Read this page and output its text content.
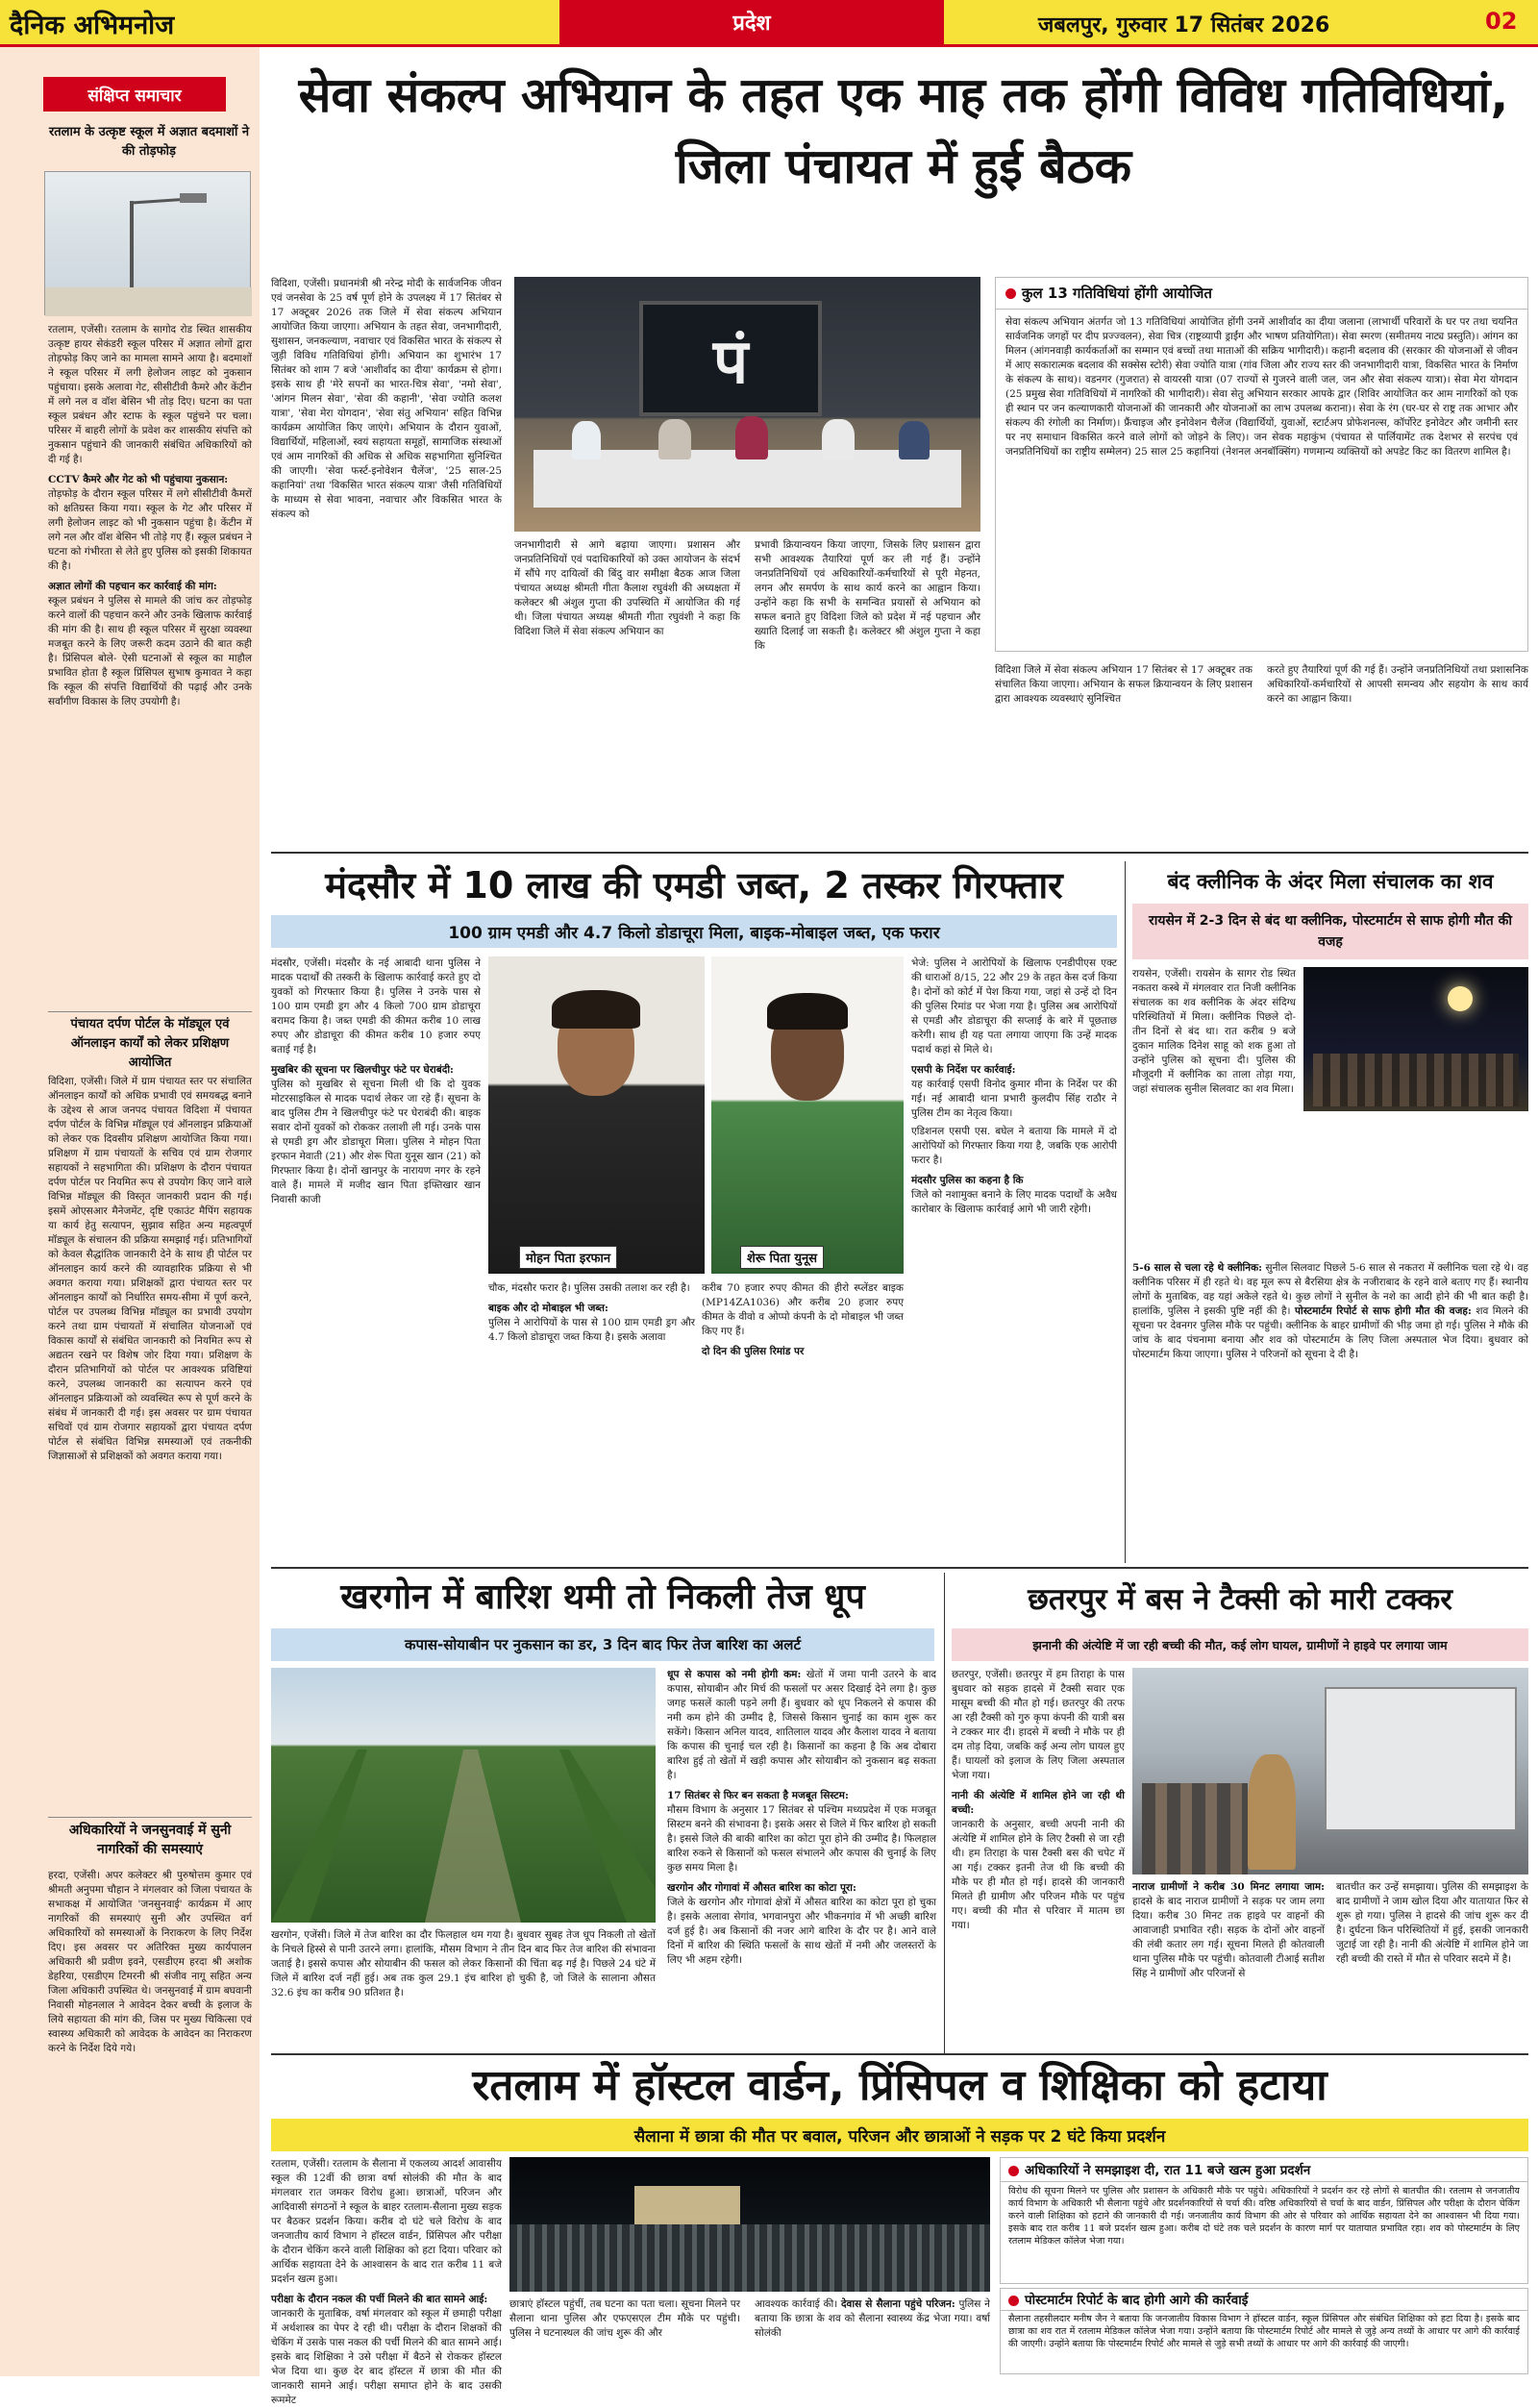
दैनिक अभिमनोज	प्रदेश	जबलपुर, गुरुवार 17 सितंबर 2026	02
संक्षिप्त समाचार
रतलाम के उत्कृष्ट स्कूल में अज्ञात बदमाशों ने की तोड़फोड़
रतलाम, एजेंसी। रतलाम के सागोद रोड स्थित शासकीय उत्कृष्ट हायर सेकंडरी स्कूल परिसर में अज्ञात लोगों द्वारा तोड़फोड़ किए जाने का मामला सामने आया है। बदमाशों ने स्कूल परिसर में लगी हेलोजन लाइट को नुकसान पहुंचाया। इसके अलावा गेट, सीसीटीवी कैमरे और केंटीन में लगे नल व वॉश बेसिन भी तोड़ दिए। घटना का पता स्कूल प्रबंधन और स्टाफ के स्कूल पहुंचने पर चला। परिसर में बाहरी लोगों के प्रवेश कर शासकीय संपत्ति को नुकसान पहुंचाने की जानकारी संबंधित अधिकारियों को दी गई है।
CCTV कैमरे और गेट को भी पहुंचाया नुकसान:
तोड़फोड़ के दौरान स्कूल परिसर में लगे सीसीटीवी कैमरों को क्षतिग्रस्त किया गया। स्कूल के गेट और परिसर में लगी हेलोजन लाइट को भी नुकसान पहुंचा है। केंटीन में लगे नल और वॉश बेसिन भी तोड़े गए हैं। स्कूल प्रबंधन ने घटना को गंभीरता से लेते हुए पुलिस को इसकी शिकायत की है।
अज्ञात लोगों की पहचान कर कार्रवाई की मांग:
स्कूल प्रबंधन ने पुलिस से मामले की जांच कर तोड़फोड़ करने वालों की पहचान करने और उनके खिलाफ कार्रवाई की मांग की है। साथ ही स्कूल परिसर में सुरक्षा व्यवस्था मजबूत करने के लिए जरूरी कदम उठाने की बात कही है। प्रिंसिपल बोले- ऐसी घटनाओं से स्कूल का माहौल प्रभावित होता है स्कूल प्रिंसिपल सुभाष कुमावत ने कहा कि स्कूल की संपत्ति विद्यार्थियों की पढ़ाई और उनके सर्वांगीण विकास के लिए उपयोगी है।
पंचायत दर्पण पोर्टल के मॉड्यूल एवं ऑनलाइन कार्यों को लेकर प्रशिक्षण आयोजित
विदिशा, एजेंसी। जिले में ग्राम पंचायत स्तर पर संचालित ऑनलाइन कार्यों को अधिक प्रभावी एवं समयबद्ध बनाने के उद्देश्य से आज जनपद पंचायत विदिशा में पंचायत दर्पण पोर्टल के विभिन्न मॉड्यूल एवं ऑनलाइन प्रक्रियाओं को लेकर एक दिवसीय प्रशिक्षण आयोजित किया गया। प्रशिक्षण में ग्राम पंचायतों के सचिव एवं ग्राम रोजगार सहायकों ने सहभागिता की। प्रशिक्षण के दौरान पंचायत दर्पण पोर्टल पर नियमित रूप से उपयोग किए जाने वाले विभिन्न मॉड्यूल की विस्तृत जानकारी प्रदान की गई। इसमें ओएसआर मैनेजमेंट, दृष्टि एकाउंट मैपिंग सहायक या कार्य हेतु सत्यापन, सुझाव सहित अन्य महत्वपूर्ण मॉड्यूल के संचालन की प्रक्रिया समझाई गई। प्रतिभागियों को केवल सैद्धांतिक जानकारी देने के साथ ही पोर्टल पर ऑनलाइन कार्य करने की व्यावहारिक प्रक्रिया से भी अवगत कराया गया। प्रशिक्षकों द्वारा पंचायत स्तर पर ऑनलाइन कार्यों को निर्धारित समय-सीमा में पूर्ण करने, पोर्टल पर उपलब्ध विभिन्न मॉड्यूल का प्रभावी उपयोग करने तथा ग्राम पंचायतों में संचालित योजनाओं एवं विकास कार्यों से संबंधित जानकारी को नियमित रूप से अद्यतन रखने पर विशेष जोर दिया गया। प्रशिक्षण के दौरान प्रतिभागियों को पोर्टल पर आवश्यक प्रविष्टियां करने, उपलब्ध जानकारी का सत्यापन करने एवं ऑनलाइन प्रक्रियाओं को व्यवस्थित रूप से पूर्ण करने के संबंध में जानकारी दी गई। इस अवसर पर ग्राम पंचायत सचिवों एवं ग्राम रोजगार सहायकों द्वारा पंचायत दर्पण पोर्टल से संबंधित विभिन्न समस्याओं एवं तकनीकी जिज्ञासाओं से प्रशिक्षकों को अवगत कराया गया।
अधिकारियों ने जनसुनवाई में सुनी नागरिकों की समस्याएं
हरदा, एजेंसी। अपर कलेक्टर श्री पुरुषोत्तम कुमार एवं श्रीमती अनुपमा चौहान ने मंगलवार को जिला पंचायत के सभाकक्ष में आयोजित 'जनसुनवाई' कार्यक्रम में आए नागरिकों की समस्याएं सुनी और उपस्थित वर्ग अधिकारियों को समस्याओं के निराकरण के लिए निर्देश दिए। इस अवसर पर अतिरिक्त मुख्य कार्यपालन अधिकारी श्री प्रवीण इवने, एसडीएम हरदा श्री अशोक डेहरिया, एसडीएम टिमरनी श्री संजीव नागू सहित अन्य जिला अधिकारी उपस्थित थे। जनसुनवाई में ग्राम बघवानी निवासी मोहनलाल ने आवेदन देकर बच्ची के इलाज के लिये सहायता की मांग की, जिस पर मुख्य चिकित्सा एवं स्वास्थ्य अधिकारी को आवेदक के आवेदन का निराकरण करने के निर्देश दिये गये।
सेवा संकल्प अभियान के तहत एक माह तक होंगी विविध गतिविधियां, जिला पंचायत में हुई बैठक
विदिशा, एजेंसी। प्रधानमंत्री श्री नरेन्द्र मोदी के सार्वजनिक जीवन एवं जनसेवा के 25 वर्ष पूर्ण होने के उपलक्ष्य में 17 सितंबर से 17 अक्टूबर 2026 तक जिले में सेवा संकल्प अभियान आयोजित किया जाएगा। अभियान के तहत सेवा, जनभागीदारी, सुशासन, जनकल्याण, नवाचार एवं विकसित भारत के संकल्प से जुड़ी विविध गतिविधियां होंगी। अभियान का शुभारंभ 17 सितंबर को शाम 7 बजे 'आशीर्वाद का दीया' कार्यक्रम से होगा। इसके साथ ही 'मेरे सपनों का भारत-चित्र सेवा', 'नमो सेवा', 'आंगन मिलन सेवा', 'सेवा की कहानी', 'सेवा ज्योति कलश यात्रा', 'सेवा मेरा योगदान', 'सेवा संतु अभियान' सहित विभिन्न कार्यक्रम आयोजित किए जाएंगे। अभियान के दौरान युवाओं, विद्यार्थियों, महिलाओं, स्वयं सहायता समूहों, सामाजिक संस्थाओं एवं आम नागरिकों की अधिक से अधिक सहभागिता सुनिश्चित की जाएगी। 'सेवा फर्स्ट-इनोवेशन चैलेंज', '25 साल-25 कहानियां' तथा 'विकसित भारत संकल्प यात्रा' जैसी गतिविधियों के माध्यम से सेवा भावना, नवाचार और विकसित भारत के संकल्प को
पं
जनभागीदारी से आगे बढ़ाया जाएगा। प्रशासन और जनप्रतिनिधियों एवं पदाधिकारियों को उक्त आयोजन के संदर्भ में सौंपे गए दायित्वों की बिंदु वार समीक्षा बैठक आज जिला पंचायत अध्यक्ष श्रीमती गीता कैलाश रघुवंशी की अध्यक्षता में कलेक्टर श्री अंशुल गुप्ता की उपस्थिति में आयोजित की गई थी। जिला पंचायत अध्यक्ष श्रीमती गीता रघुवंशी ने कहा कि विदिशा जिले में सेवा संकल्प अभियान का
प्रभावी क्रियान्वयन किया जाएगा, जिसके लिए प्रशासन द्वारा सभी आवश्यक तैयारियां पूर्ण कर ली गई हैं। उन्होंने जनप्रतिनिधियों एवं अधिकारियों-कर्मचारियों से पूरी मेहनत, लगन और समर्पण के साथ कार्य करने का आह्वान किया। उन्होंने कहा कि सभी के समन्वित प्रयासों से अभियान को सफल बनाते हुए विदिशा जिले को प्रदेश में नई पहचान और ख्याति दिलाई जा सकती है। कलेक्टर श्री अंशुल गुप्ता ने कहा कि
कुल 13 गतिविधियां होंगी आयोजित
सेवा संकल्प अभियान अंतर्गत जो 13 गतिविधियां आयोजित होंगी उनमें आशीर्वाद का दीया जलाना (लाभार्थी परिवारों के घर पर तथा चयनित सार्वजनिक जगहों पर दीप प्रज्ज्वलन), सेवा चित्र (राष्ट्रव्यापी ड्राईंग और भाषण प्रतियोगिता)। सेवा स्मरण (समीतमय नाट्य प्रस्तुति)। आंगन का मिलन (आंगनवाड़ी कार्यकर्ताओं का सम्मान एवं बच्चों तथा माताओं की सक्रिय भागीदारी)। कहानी बदलाव की (सरकार की योजनाओं से जीवन में आए सकारात्मक बदलाव की सक्सेस स्टोरी) सेवा ज्योति यात्रा (गांव जिला और राज्य स्तर की जनभागीदारी यात्रा, विकसित भारत के निर्माण के संकल्प के साथ)। वडनगर (गुजरात) से वायरसी यात्रा (07 राज्यों से गुजरने वाली जल, जन और सेवा संकल्प यात्रा)। सेवा मेरा योगदान (25 प्रमुख सेवा गतिविधियों में नागरिकों की भागीदारी)। सेवा सेतु अभियान सरकार आपके द्वार (शिविर आयोजित कर आम नागरिकों को एक ही स्थान पर जन कल्याणकारी योजनाओं की जानकारी और योजनाओं का लाभ उपलब्ध कराना)। सेवा के रंग (घर-घर से राष्ट्र तक आभार और संकल्प की रंगोली का निर्माण)। फ्रैंचाइज और इनोवेशन चैलेंज (विद्यार्थियों, युवाओं, स्टार्टअप प्रोफेशनल्स, कॉर्पोरेट इनोवेटर और जमीनी स्तर पर नए समाधान विकसित करने वाले लोगों को जोड़ने के लिए)। जन सेवक महाकुंभ (पंचायत से पार्लियामेंट तक देशभर से सरपंच एवं जनप्रतिनिधियों का राष्ट्रीय सम्मेलन) 25 साल 25 कहानियां (नेशनल अनबॉक्सिंग) गणमान्य व्यक्तियों को अपडेट किट का वितरण शामिल है।
विदिशा जिले में सेवा संकल्प अभियान 17 सितंबर से 17 अक्टूबर तक संचालित किया जाएगा। अभियान के सफल क्रियान्वयन के लिए प्रशासन द्वारा आवश्यक व्यवस्थाएं सुनिश्चित
करते हुए तैयारियां पूर्ण की गई हैं। उन्होंने जनप्रतिनिधियों तथा प्रशासनिक अधिकारियों-कर्मचारियों से आपसी समन्वय और सहयोग के साथ कार्य करने का आह्वान किया।
मंदसौर में 10 लाख की एमडी जब्त, 2 तस्कर गिरफ्तार
100 ग्राम एमडी और 4.7 किलो डोडाचूरा मिला, बाइक-मोबाइल जब्त, एक फरार
मंदसौर, एजेंसी। मंदसौर के नई आबादी थाना पुलिस ने मादक पदार्थों की तस्करी के खिलाफ कार्रवाई करते हुए दो युवकों को गिरफ्तार किया है। पुलिस ने उनके पास से 100 ग्राम एमडी ड्रग और 4 किलो 700 ग्राम डोडाचूरा बरामद किया है। जब्त एमडी की कीमत करीब 10 लाख रुपए और डोडाचूरा की कीमत करीब 10 हजार रुपए बताई गई है।
मुखबिर की सूचना पर खिलचीपुर फंटे पर घेराबंदी:
पुलिस को मुखबिर से सूचना मिली थी कि दो युवक मोटरसाइकिल से मादक पदार्थ लेकर जा रहे हैं। सूचना के बाद पुलिस टीम ने खिलचीपुर फंटे पर घेराबंदी की। बाइक सवार दोनों युवकों को रोककर तलाशी ली गई। उनके पास से एमडी ड्रग और डोडाचूरा मिला। पुलिस ने मोहन पिता इरफान मेवाती (21) और शेरू पिता युनूस खान (21) को गिरफ्तार किया है। दोनों खानपुर के नारायण नगर के रहने वाले हैं। मामले में मजीद खान पिता इफ्तिखार खान निवासी काजी
मोहन पिता इरफान	शेरू पिता युनूस
चौक, मंदसौर फरार है। पुलिस उसकी तलाश कर रही है।
बाइक और दो मोबाइल भी जब्त:
पुलिस ने आरोपियों के पास से 100 ग्राम एमडी ड्रग और 4.7 किलो डोडाचूरा जब्त किया है। इसके अलावा
करीब 70 हजार रुपए कीमत की हीरो स्प्लेंडर बाइक (MP14ZA1036) और करीब 20 हजार रुपए कीमत के वीवो व ओप्पो कंपनी के दो मोबाइल भी जब्त किए गए हैं।
दो दिन की पुलिस रिमांड पर
भेजे: पुलिस ने आरोपियों के खिलाफ एनडीपीएस एक्ट की धाराओं 8/15, 22 और 29 के तहत केस दर्ज किया है। दोनों को कोर्ट में पेश किया गया, जहां से उन्हें दो दिन की पुलिस रिमांड पर भेजा गया है। पुलिस अब आरोपियों से एमडी और डोडाचूरा की सप्लाई के बारे में पूछताछ करेगी। साथ ही यह पता लगाया जाएगा कि उन्हें मादक पदार्थ कहां से मिले थे।
एसपी के निर्देश पर कार्रवाई:
यह कार्रवाई एसपी विनोद कुमार मीना के निर्देश पर की गई। नई आबादी थाना प्रभारी कुलदीप सिंह राठौर ने पुलिस टीम का नेतृत्व किया।
एडिशनल एसपी एस. बघेल ने बताया कि मामले में दो आरोपियों को गिरफ्तार किया गया है, जबकि एक आरोपी फरार है।
मंदसौर पुलिस का कहना है कि
जिले को नशामुक्त बनाने के लिए मादक पदार्थों के अवैध कारोबार के खिलाफ कार्रवाई आगे भी जारी रहेगी।
बंद क्लीनिक के अंदर मिला संचालक का शव
रायसेन में 2-3 दिन से बंद था क्लीनिक, पोस्टमार्टम से साफ होगी मौत की वजह
रायसेन, एजेंसी। रायसेन के सागर रोड स्थित नकतरा कस्बे में मंगलवार रात निजी क्लीनिक संचालक का शव क्लीनिक के अंदर संदिग्ध परिस्थितियों में मिला। क्लीनिक पिछले दो-तीन दिनों से बंद था। रात करीब 9 बजे दुकान मालिक दिनेश साहू को शक हुआ तो उन्होंने पुलिस को सूचना दी। पुलिस की मौजूदगी में क्लीनिक का ताला तोड़ा गया, जहां संचालक सुनील सिलवाट का शव मिला।
5-6 साल से चला रहे थे क्लीनिक: सुनील सिलवाट पिछले 5-6 साल से नकतरा में क्लीनिक चला रहे थे। वह क्लीनिक परिसर में ही रहते थे। वह मूल रूप से बैरसिया क्षेत्र के नजीराबाद के रहने वाले बताए गए हैं। स्थानीय लोगों के मुताबिक, वह यहां अकेले रहते थे। कुछ लोगों ने सुनील के नशे का आदी होने की भी बात कही है। हालांकि, पुलिस ने इसकी पुष्टि नहीं की है। पोस्टमार्टम रिपोर्ट से साफ होगी मौत की वजह: शव मिलने की सूचना पर देवनगर पुलिस मौके पर पहुंची। क्लीनिक के बाहर ग्रामीणों की भीड़ जमा हो गई। पुलिस ने मौके की जांच के बाद पंचनामा बनाया और शव को पोस्टमार्टम के लिए जिला अस्पताल भेज दिया। बुधवार को पोस्टमार्टम किया जाएगा। पुलिस ने परिजनों को सूचना दे दी है।
खरगोन में बारिश थमी तो निकली तेज धूप
कपास-सोयाबीन पर नुकसान का डर, 3 दिन बाद फिर तेज बारिश का अलर्ट
खरगोन, एजेंसी। जिले में तेज बारिश का दौर फिलहाल थम गया है। बुधवार सुबह तेज धूप निकली तो खेतों के निचले हिस्से से पानी उतरने लगा। हालांकि, मौसम विभाग ने तीन दिन बाद फिर तेज बारिश की संभावना जताई है। इससे कपास और सोयाबीन की फसल को लेकर किसानों की चिंता बढ़ गई है। पिछले 24 घंटे में जिले में बारिश दर्ज नहीं हुई। अब तक कुल 29.1 इंच बारिश हो चुकी है, जो जिले के सालाना औसत 32.6 इंच का करीब 90 प्रतिशत है।
धूप से कपास को नमी होगी कम: खेतों में जमा पानी उतरने के बाद कपास, सोयाबीन और मिर्च की फसलों पर असर दिखाई देने लगा है। कुछ जगह फसलें काली पड़ने लगी हैं। बुधवार को धूप निकलने से कपास की नमी कम होने की उम्मीद है, जिससे किसान चुनाई का काम शुरू कर सकेंगे। किसान अनिल यादव, शातिलाल यादव और कैलाश यादव ने बताया कि कपास की चुनाई चल रही है। किसानों का कहना है कि अब दोबारा बारिश हुई तो खेतों में खड़ी कपास और सोयाबीन को नुकसान बढ़ सकता है।
17 सितंबर से फिर बन सकता है मजबूत सिस्टम:
मौसम विभाग के अनुसार 17 सितंबर से पश्चिम मध्यप्रदेश में एक मजबूत सिस्टम बनने की संभावना है। इसके असर से जिले में फिर बारिश हो सकती है। इससे जिले की बाकी बारिश का कोटा पूरा होने की उम्मीद है। फिलहाल बारिश रुकने से किसानों को फसल संभालने और कपास की चुनाई के लिए कुछ समय मिला है।
खरगोन और गोगावां में औसत बारिश का कोटा पूरा:
जिले के खरगोन और गोगावां क्षेत्रों में औसत बारिश का कोटा पूरा हो चुका है। इसके अलावा सेगांव, भगवानपुरा और भीकनगांव में भी अच्छी बारिश दर्ज हुई है। अब किसानों की नजर आगे बारिश के दौर पर है। आने वाले दिनों में बारिश की स्थिति फसलों के साथ खेतों में नमी और जलस्तरों के लिए भी अहम रहेगी।
छतरपुर में बस ने टैक्सी को मारी टक्कर
झनानी की अंत्येष्टि में जा रही बच्ची की मौत, कई लोग घायल, ग्रामीणों ने हाइवे पर लगाया जाम
छतरपुर, एजेंसी। छतरपुर में हम तिराहा के पास बुधवार को सड़क हादसे में टैक्सी सवार एक मासूम बच्ची की मौत हो गई। छतरपुर की तरफ आ रही टैक्सी को गुरु कृपा कंपनी की यात्री बस ने टक्कर मार दी। हादसे में बच्ची ने मौके पर ही दम तोड़ दिया, जबकि कई अन्य लोग घायल हुए हैं। घायलों को इलाज के लिए जिला अस्पताल भेजा गया।
नानी की अंत्येष्टि में शामिल होने जा रही थी बच्ची:
जानकारी के अनुसार, बच्ची अपनी नानी की अंत्येष्टि में शामिल होने के लिए टैक्सी से जा रही थी। हम तिराहा के पास टैक्सी बस की चपेट में आ गई। टक्कर इतनी तेज थी कि बच्ची की मौके पर ही मौत हो गई। हादसे की जानकारी मिलते ही ग्रामीण और परिजन मौके पर पहुंच गए। बच्ची की मौत से परिवार में मातम छा गया।
नाराज ग्रामीणों ने करीब 30 मिनट लगाया जाम: हादसे के बाद नाराज ग्रामीणों ने सड़क पर जाम लगा दिया। करीब 30 मिनट तक हाइवे पर वाहनों की आवाजाही प्रभावित रही। सड़क के दोनों ओर वाहनों की लंबी कतार लग गई। सूचना मिलते ही कोतवाली थाना पुलिस मौके पर पहुंची। कोतवाली टीआई सतीश सिंह ने ग्रामीणों और परिजनों से
बातचीत कर उन्हें समझाया। पुलिस की समझाइश के बाद ग्रामीणों ने जाम खोल दिया और यातायात फिर से शुरू हो गया। पुलिस ने हादसे की जांच शुरू कर दी है। दुर्घटना किन परिस्थितियों में हुई, इसकी जानकारी जुटाई जा रही है। नानी की अंत्येष्टि में शामिल होने जा रही बच्ची की रास्ते में मौत से परिवार सदमे में है।
रतलाम में हॉस्टल वार्डन, प्रिंसिपल व शिक्षिका को हटाया
सैलाना में छात्रा की मौत पर बवाल, परिजन और छात्राओं ने सड़क पर 2 घंटे किया प्रदर्शन
रतलाम, एजेंसी। रतलाम के सैलाना में एकलव्य आदर्श आवासीय स्कूल की 12वीं की छात्रा वर्षा सोलंकी की मौत के बाद मंगलवार रात जमकर विरोध हुआ। छात्राओं, परिजन और आदिवासी संगठनों ने स्कूल के बाहर रतलाम-सैलाना मुख्य सड़क पर बैठकर प्रदर्शन किया। करीब दो घंटे चले विरोध के बाद जनजातीय कार्य विभाग ने हॉस्टल वार्डन, प्रिंसिपल और परीक्षा के दौरान चेकिंग करने वाली शिक्षिका को हटा दिया। परिवार को आर्थिक सहायता देने के आश्वासन के बाद रात करीब 11 बजे प्रदर्शन खत्म हुआ।
परीक्षा के दौरान नकल की पर्ची मिलने की बात सामने आई:
जानकारी के मुताबिक, वर्षा मंगलवार को स्कूल में छमाही परीक्षा में अर्थशास्त्र का पेपर दे रही थी। परीक्षा के दौरान शिक्षकों की चेकिंग में उसके पास नकल की पर्ची मिलने की बात सामने आई। इसके बाद शिक्षिका ने उसे परीक्षा में बैठने से रोककर हॉस्टल भेज दिया था। कुछ देर बाद हॉस्टल में छात्रा की मौत की जानकारी सामने आई। परीक्षा समाप्त होने के बाद उसकी रूममेट
छात्राएं हॉस्टल पहुंचीं, तब घटना का पता चला। सूचना मिलने पर सैलाना थाना पुलिस और एफएसएल टीम मौके पर पहुंची। पुलिस ने घटनास्थल की जांच शुरू की और
आवश्यक कार्रवाई की। देवास से सैलाना पहुंचे परिजन: पुलिस ने बताया कि छात्रा के शव को सैलाना स्वास्थ्य केंद्र भेजा गया। वर्षा सोलंकी
अधिकारियों ने समझाइश दी, रात 11 बजे खत्म हुआ प्रदर्शन
विरोध की सूचना मिलने पर पुलिस और प्रशासन के अधिकारी मौके पर पहुंचे। अधिकारियों ने प्रदर्शन कर रहे लोगों से बातचीत की। रतलाम से जनजातीय कार्य विभाग के अधिकारी भी सैलाना पहुंचे और प्रदर्शनकारियों से चर्चा की। वरिष्ठ अधिकारियों से चर्चा के बाद वार्डन, प्रिंसिपल और परीक्षा के दौरान चेकिंग करने वाली शिक्षिका को हटाने की जानकारी दी गई। जनजातीय कार्य विभाग की ओर से परिवार को आर्थिक सहायता देने का आश्वासन भी दिया गया। इसके बाद रात करीब 11 बजे प्रदर्शन खत्म हुआ। करीब दो घंटे तक चले प्रदर्शन के कारण मार्ग पर यातायात प्रभावित रहा। शव को पोस्टमार्टम के लिए रतलाम मेडिकल कॉलेज भेजा गया।
पोस्टमार्टम रिपोर्ट के बाद होगी आगे की कार्रवाई
सैलाना तहसीलदार मनीष जैन ने बताया कि जनजातीय विकास विभाग ने हॉस्टल वार्डन, स्कूल प्रिंसिपल और संबंधित शिक्षिका को हटा दिया है। इसके बाद छात्रा का शव रात में रतलाम मेडिकल कॉलेज भेजा गया। उन्होंने बताया कि पोस्टमार्टम रिपोर्ट और मामले से जुड़े अन्य तथ्यों के आधार पर आगे की कार्रवाई की जाएगी। उन्होंने बताया कि पोस्टमार्टम रिपोर्ट और मामले से जुड़े सभी तथ्यों के आधार पर आगे की कार्रवाई की जाएगी।
